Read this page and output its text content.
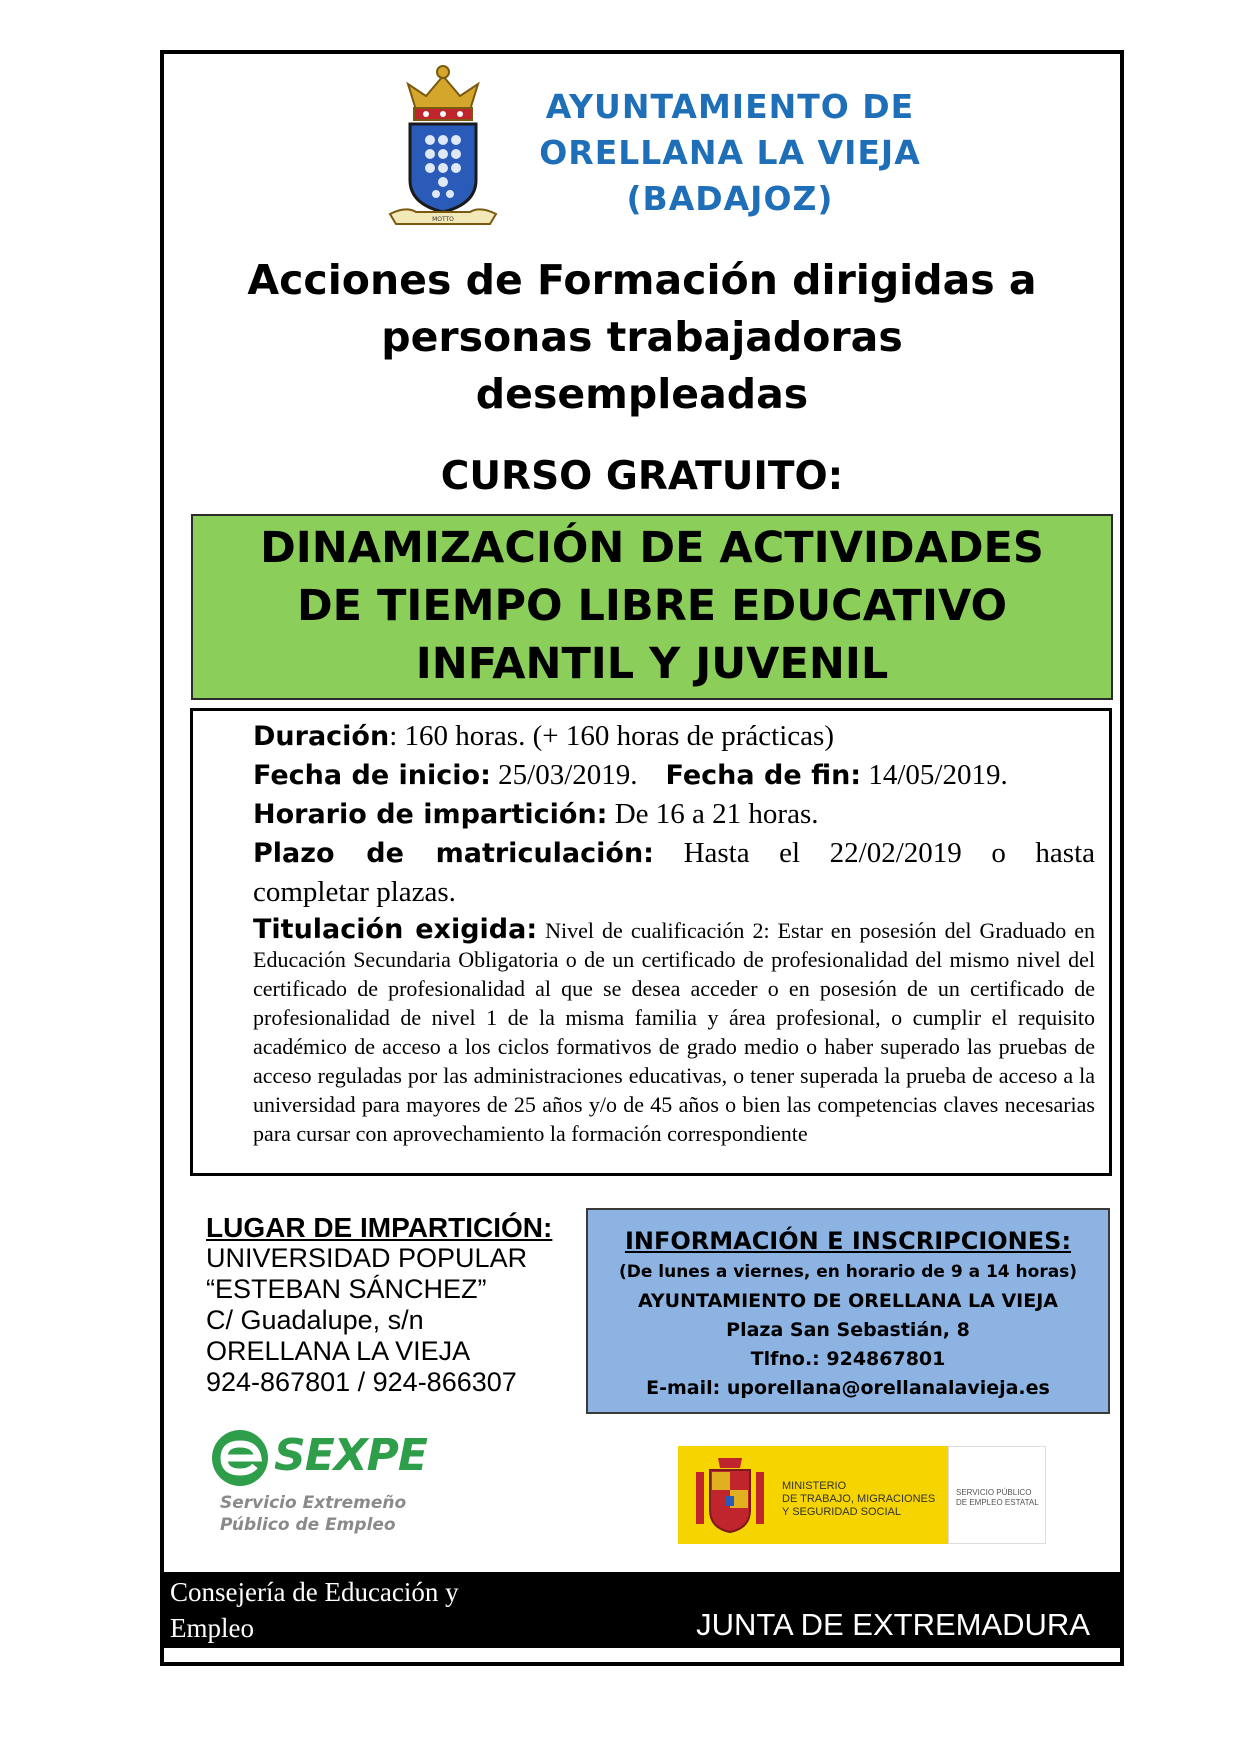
MOTTO
AYUNTAMIENTO DE
ORELLANA LA VIEJA
(BADAJOZ)
Acciones de Formación dirigidas a
personas trabajadoras
desempleadas
CURSO GRATUITO:
DINAMIZACIÓN DE ACTIVIDADES
DE TIEMPO LIBRE EDUCATIVO
INFANTIL Y JUVENIL
Duración: 160 horas. (+ 160 horas de prácticas)
Fecha de inicio: 25/03/2019. Fecha de fin: 14/05/2019.
Horario de impartición: De 16 a 21 horas.
Plazo de matriculación: Hasta el 22/02/2019 o hasta
completar plazas.
Titulación exigida: Nivel de cualificación 2: Estar en posesión del Graduado en Educación Secundaria Obligatoria o de un certificado de profesionalidad del mismo nivel del certificado de profesionalidad al que se desea acceder o en posesión de un certificado de profesionalidad de nivel 1 de la misma familia y área profesional, o cumplir el requisito académico de acceso a los ciclos formativos de grado medio o haber superado las pruebas de acceso reguladas por las administraciones educativas, o tener superada la prueba de acceso a la universidad para mayores de 25 años y/o de 45 años o bien las competencias claves necesarias para cursar con aprovechamiento la formación correspondiente
LUGAR DE IMPARTICIÓN:
UNIVERSIDAD POPULAR
“ESTEBAN SÁNCHEZ”
C/ Guadalupe, s/n
ORELLANA LA VIEJA
924-867801 / 924-866307
INFORMACIÓN E INSCRIPCIONES:
(De lunes a viernes, en horario de 9 a 14 horas)
AYUNTAMIENTO DE ORELLANA LA VIEJA
Plaza San Sebastián, 8
Tlfno.: 924867801
E-mail: uporellana@orellanalavieja.es
SEXPE
Servicio Extremeño
Público de Empleo
MINISTERIO
DE TRABAJO, MIGRACIONES
Y SEGURIDAD SOCIAL
SERVICIO PÚBLICO
DE EMPLEO ESTATAL
Consejería de Educación y
Empleo	JUNTA DE EXTREMADURA
